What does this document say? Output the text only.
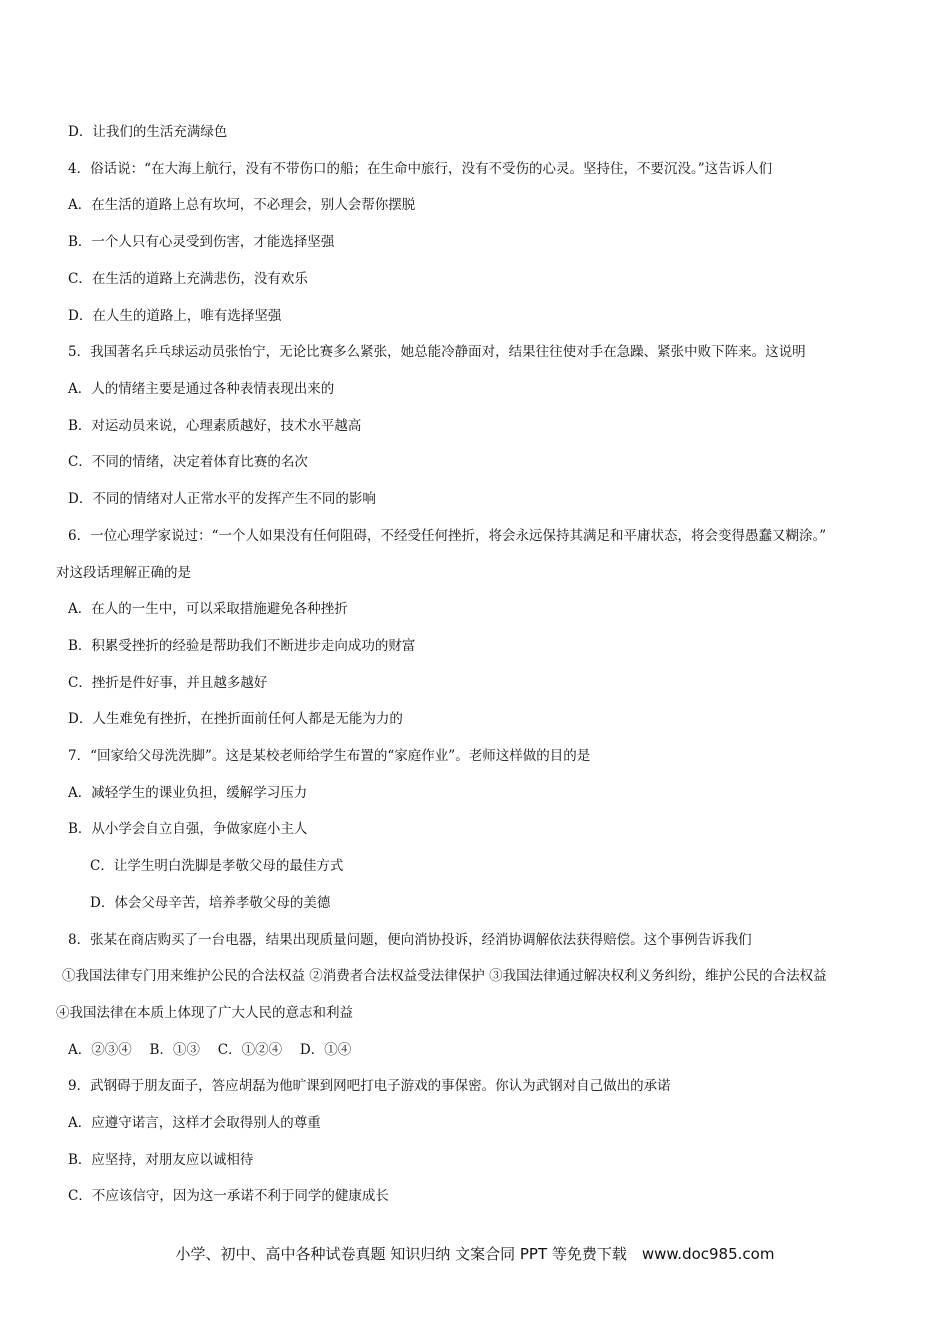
D．让我们的生活充满绿色
4．俗话说：“在大海上航行，没有不带伤口的船；在生命中旅行，没有不受伤的心灵。坚持住，不要沉没。”这告诉人们
A．在生活的道路上总有坎坷，不必理会，别人会帮你摆脱
B．一个人只有心灵受到伤害，才能选择坚强
C．在生活的道路上充满悲伤，没有欢乐
D．在人生的道路上，唯有选择坚强
5．我国著名乒乓球运动员张怡宁，无论比赛多么紧张，她总能冷静面对，结果往往使对手在急躁、紧张中败下阵来。这说明
A．人的情绪主要是通过各种表情表现出来的
B．对运动员来说，心理素质越好，技术水平越高
C．不同的情绪，决定着体育比赛的名次
D．不同的情绪对人正常水平的发挥产生不同的影响
6．一位心理学家说过：“一个人如果没有任何阻碍，不经受任何挫折，将会永远保持其满足和平庸状态，将会变得愚蠢又糊涂。”
对这段话理解正确的是
A．在人的一生中，可以采取措施避免各种挫折
B．积累受挫折的经验是帮助我们不断进步走向成功的财富
C．挫折是件好事，并且越多越好
D．人生难免有挫折，在挫折面前任何人都是无能为力的
7．“回家给父母洗洗脚”。这是某校老师给学生布置的“家庭作业”。老师这样做的目的是
A．减轻学生的课业负担，缓解学习压力
B．从小学会自立自强，争做家庭小主人
C．让学生明白洗脚是孝敬父母的最佳方式
D．体会父母辛苦，培养孝敬父母的美德
8．张某在商店购买了一台电器，结果出现质量问题，便向消协投诉，经消协调解依法获得赔偿。这个事例告诉我们
①我国法律专门用来维护公民的合法权益 ②消费者合法权益受法律保护 ③我国法律通过解决权利义务纠纷，维护公民的合法权益
④我国法律在本质上体现了广大人民的意志和利益
A．②③④　 B．①③　 C．①②④　 D．①④
9．武钢碍于朋友面子，答应胡磊为他旷课到网吧打电子游戏的事保密。你认为武钢对自己做出的承诺
A．应遵守诺言，这样才会取得别人的尊重
B．应坚持，对朋友应以诚相待
C．不应该信守，因为这一承诺不利于同学的健康成长
小学、初中、高中各种试卷真题 知识归纳 文案合同 PPT 等免费下载　www.doc985.com
